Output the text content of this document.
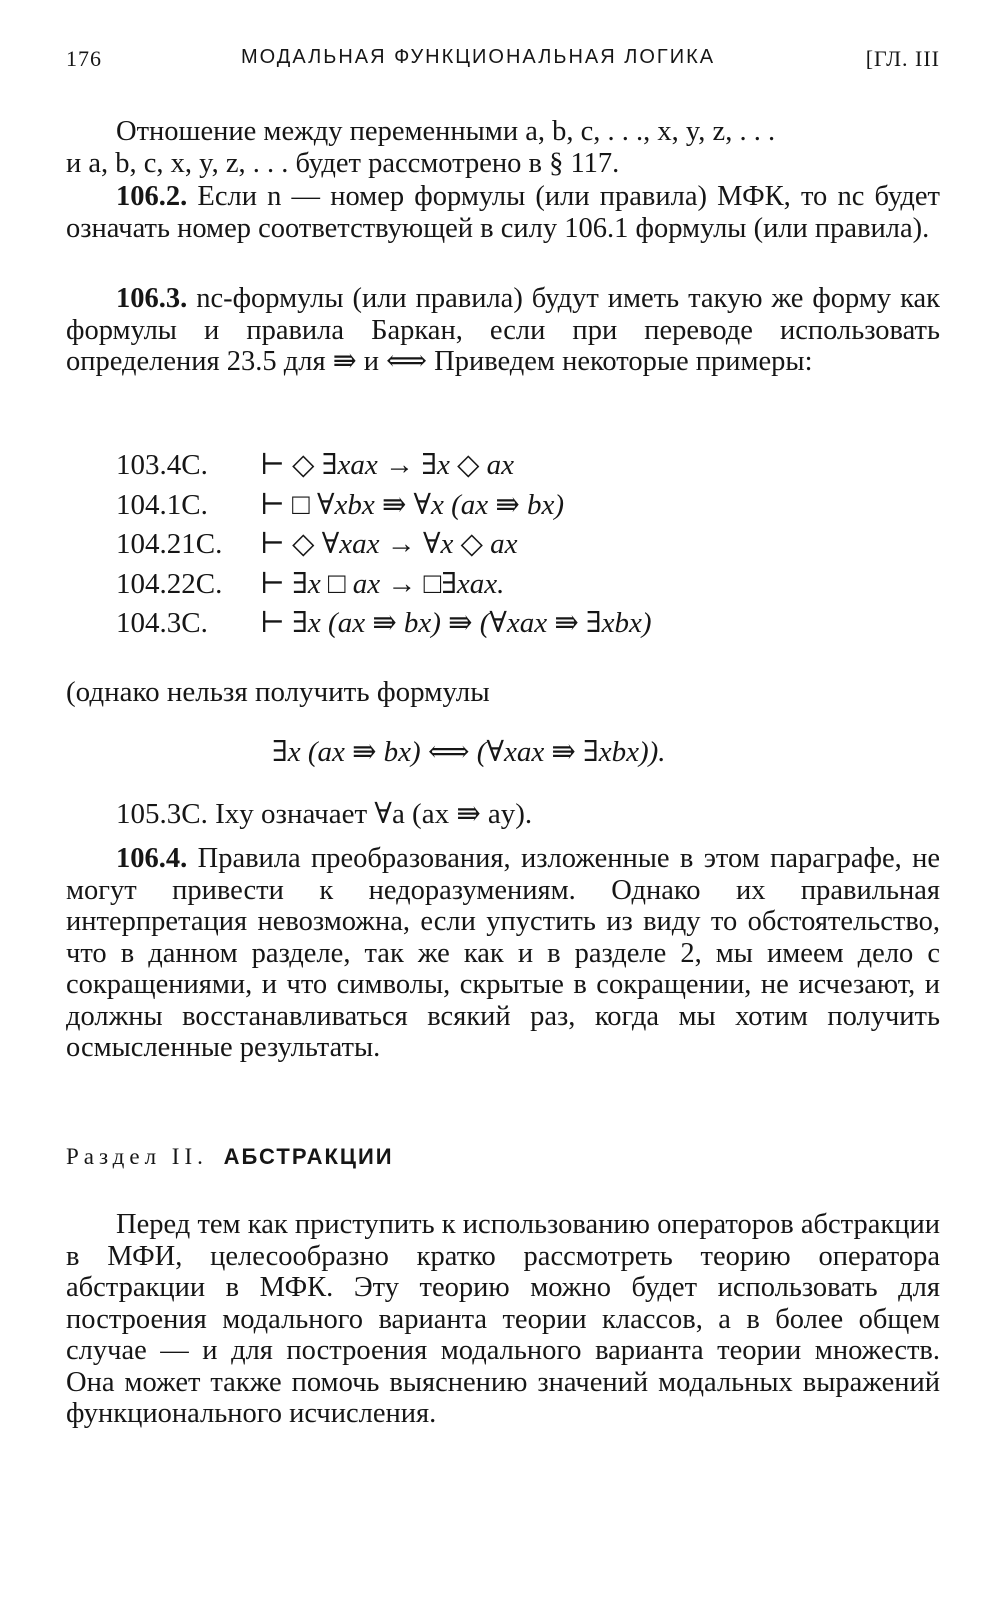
176	МОДАЛЬНАЯ ФУНКЦИОНАЛЬНАЯ ЛОГИКА	[ГЛ. III

Отношение между переменными a, b, c, . . ., x, y, z, . . .

и a, b, c, x, y, z, . . . будет рассмотрено в § 117.

106.2. Если n — номер формулы (или правила) МФК, то nc будет означать номер соответствующей в силу 106.1 формулы (или правила).

106.3. nc-формулы (или правила) будут иметь такую же форму как формулы и правила Баркан, если при переводе использовать определения 23.5 для ⇛ и ⟺ Приведем некоторые примеры:

103.4C. ⊢ ◇ ∃xax → ∃x ◇ ax
104.1C. ⊢ □ ∀xbx ⇛ ∀x (ax ⇛ bx)
104.21C. ⊢ ◇ ∀xax → ∀x ◇ ax
104.22C. ⊢ ∃x □ ax → □∃xax.
104.3C. ⊢ ∃x (ax ⇛ bx) ⇛ (∀xax ⇛ ∃xbx)
(однако нельзя получить формулы
∃x (ax ⇛ bx) ⟺ (∀xax ⇛ ∃xbx)).
105.3C. Ixy означает ∀a (ax ⇛ ay).

106.4. Правила преобразования, изложенные в этом параграфе, не могут привести к недоразумениям. Однако их правильная интерпретация невозможна, если упустить из виду то обстоятельство, что в данном разделе, так же как и в разделе 2, мы имеем дело с сокращениями, и что символы, скрытые в сокращении, не исчезают, и должны восстанавливаться всякий раз, когда мы хотим получить осмысленные результаты.

Раздел II. АБСТРАКЦИИ

Перед тем как приступить к использованию операторов абстракции в МФИ, целесообразно кратко рассмотреть теорию оператора абстракции в МФК. Эту теорию можно будет использовать для построения модального варианта теории классов, а в более общем случае — и для построения модального варианта теории множеств. Она может также помочь выяснению значений модальных выражений функционального исчисления.
